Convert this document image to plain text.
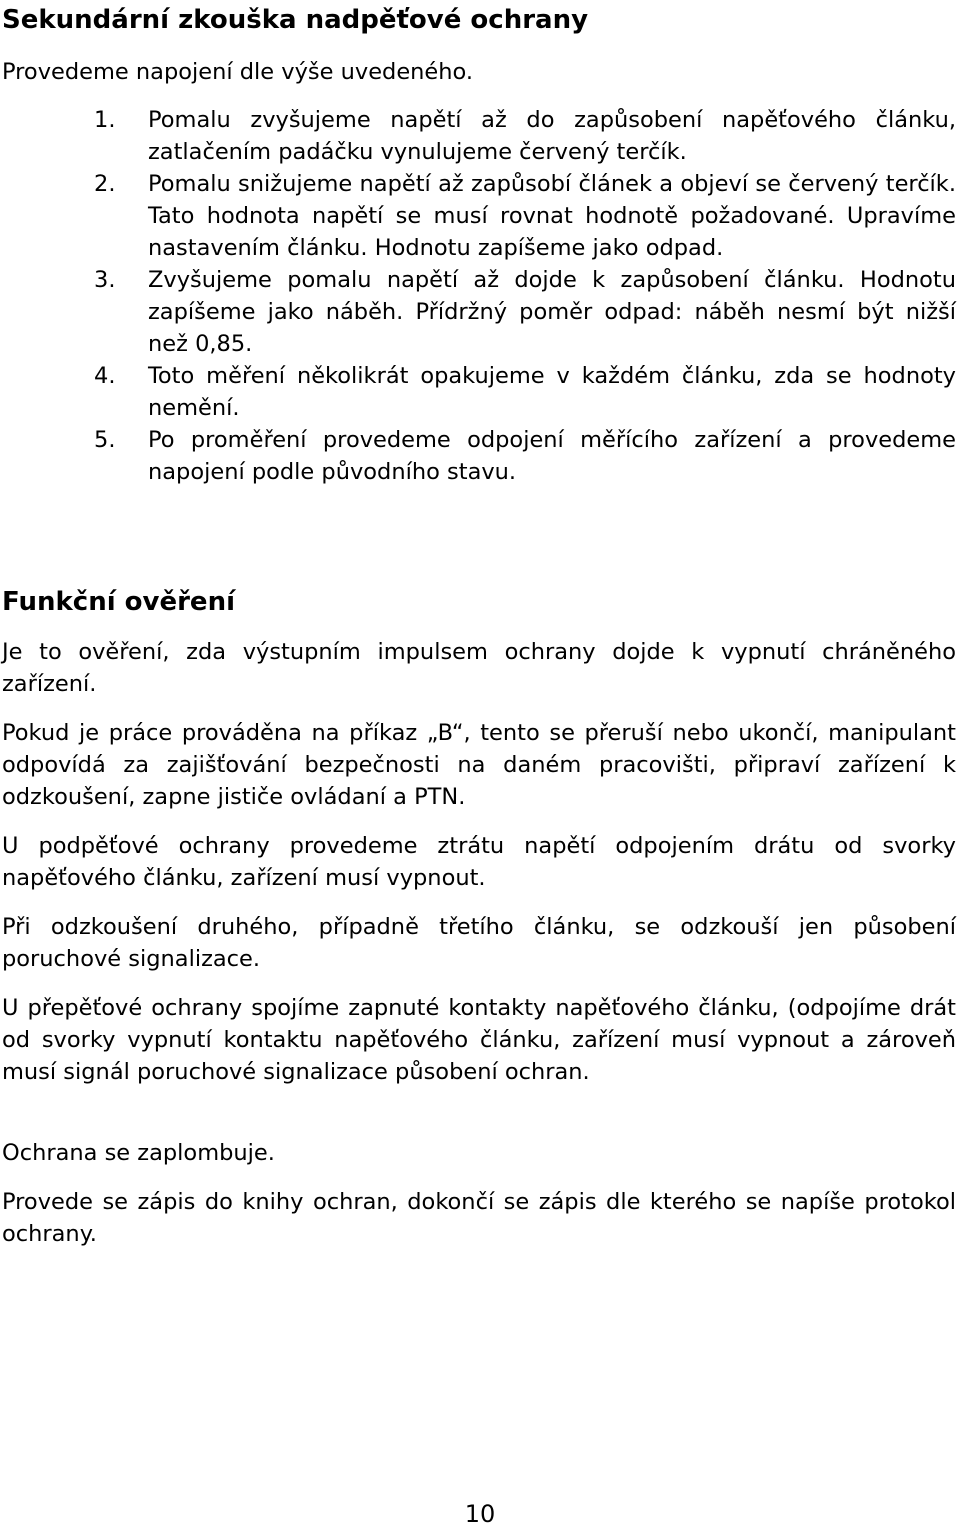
Sekundární zkouška nadpěťové ochrany

Provedeme napojení dle výše uvedeného.

1. Pomalu zvyšujeme napětí až do zapůsobení napěťového článku, zatlačením padáčku vynulujeme červený terčík.
2. Pomalu snižujeme napětí až zapůsobí článek a objeví se červený terčík. Tato hodnota napětí se musí rovnat hodnotě požadované. Upravíme nastavením článku. Hodnotu zapíšeme jako odpad.
3. Zvyšujeme pomalu napětí až dojde k zapůsobení článku. Hodnotu zapíšeme jako náběh. Přídržný poměr odpad: náběh nesmí být nižší než 0,85.
4. Toto měření několikrát opakujeme v každém článku, zda se hodnoty nemění.
5. Po proměření provedeme odpojení měřícího zařízení a provedeme napojení podle původního stavu.
Funkční ověření

Je to ověření, zda výstupním impulsem ochrany dojde k vypnutí chráněného zařízení.

Pokud je práce prováděna na příkaz „B“, tento se přeruší nebo ukončí, manipulant odpovídá za zajišťování bezpečnosti na daném pracovišti, připraví zařízení k odzkoušení, zapne jističe ovládaní a PTN.

U podpěťové ochrany provedeme ztrátu napětí odpojením drátu od svorky napěťového článku, zařízení musí vypnout.

Při odzkoušení druhého, případně třetího článku, se odzkouší jen působení poruchové signalizace.

U přepěťové ochrany spojíme zapnuté kontakty napěťového článku, (odpojíme drát od svorky vypnutí kontaktu napěťového článku, zařízení musí vypnout a zároveň musí signál poruchové signalizace působení ochran.

Ochrana se zaplombuje.

Provede se zápis do knihy ochran, dokončí se zápis dle kterého se napíše protokol ochrany.

10
